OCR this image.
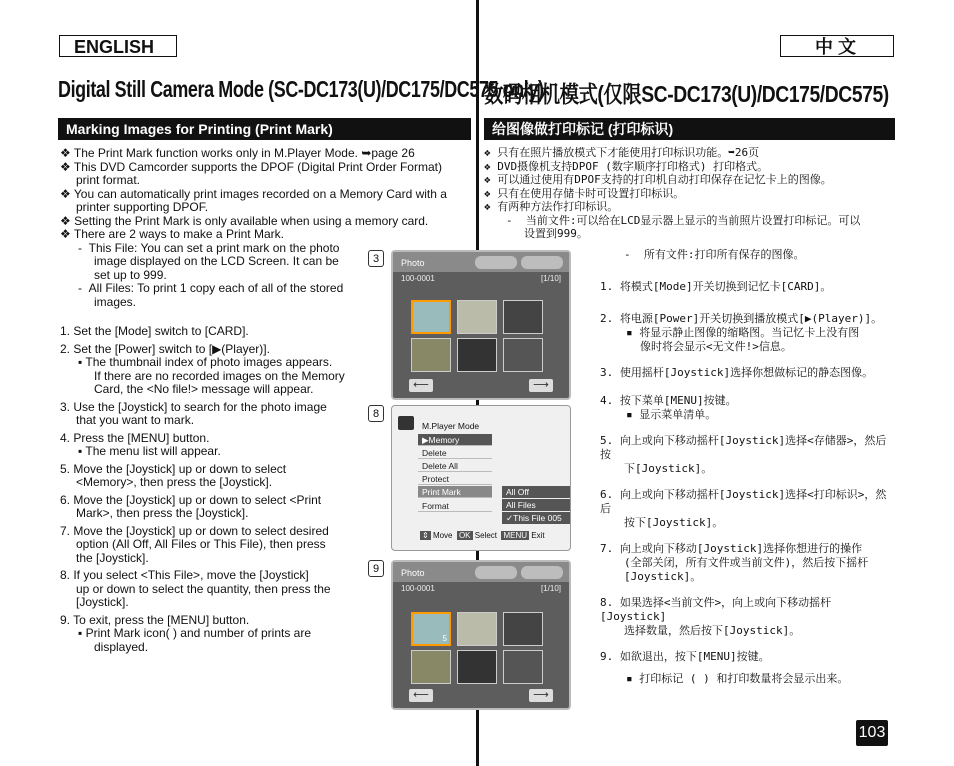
ENGLISH	中 文
Digital Still Camera Mode (SC-DC173(U)/DC175/DC575 only)
数码相机模式(仅限SC-DC173(U)/DC175/DC575)
Marking Images for Printing (Print Mark)	给图像做打印标记 (打印标识)
❖ The Print Mark function works only in M.Player Mode. ➥page 26
❖ This DVD Camcorder supports the DPOF (Digital Print Order Format)
print format.
❖ You can automatically print images recorded on a Memory Card with a
printer supporting DPOF.
❖ Setting the Print Mark is only available when using a memory card.
❖ There are 2 ways to make a Print Mark.
-  This File: You can set a print mark on the photo
image displayed on the LCD Screen. It can be
set up to 999.
-  All Files: To print 1 copy each of all of the stored
images.
1. Set the [Mode] switch to [CARD].
2. Set the [Power] switch to [▶(Player)].
▪ The thumbnail index of photo images appears.
If there are no recorded images on the Memory
Card, the <No file!> message will appear.
3. Use the [Joystick] to search for the photo image
that you want to mark.
4. Press the [MENU] button.
▪ The menu list will appear.
5. Move the [Joystick] up or down to select
<Memory>, then press the [Joystick].
6. Move the [Joystick] up or down to select <Print
Mark>, then press the [Joystick].
7. Move the [Joystick] up or down to select desired
option (All Off, All Files or This File), then press
the [Joystick].
8. If you select <This File>, move the [Joystick]
up or down to select the quantity, then press the
[Joystick].
9. To exit, press the [MENU] button.
▪ Print Mark icon( ) and number of prints are
displayed.
3	Photo
100-0001	[1/10]
⟵	⟶
8
M.Player Mode
▶Memory
Delete
Delete All
Protect
Print Mark
Format
All Off
All Files
✓This File 005
⇕ Move OK Select MENU Exit
9	Photo
100-0001	[1/10]
5
⟵	⟶
❖ 只有在照片播放模式下才能使用打印标识功能。➥26页
❖ DVD摄像机支持DPOF (数字顺序打印格式) 打印格式。
❖ 可以通过使用有DPOF支持的打印机自动打印保存在记忆卡上的图像。
❖ 只有在使用存储卡时可设置打印标识。
❖ 有两种方法作打印标识。
-  当前文件:可以给在LCD显示器上显示的当前照片设置打印标记。可以
设置到999。
-  所有文件:打印所有保存的图像。
1. 将模式[Mode]开关切换到记忆卡[CARD]。
2. 将电源[Power]开关切换到播放模式[▶(Player)]。
▪ 将显示静止图像的缩略图。当记忆卡上没有图
像时将会显示<无文件!>信息。
3. 使用摇杆[Joystick]选择你想做标记的静态图像。
4. 按下菜单[MENU]按键。
▪ 显示菜单清单。
5. 向上或向下移动摇杆[Joystick]选择<存储器>，然后按
下[Joystick]。
6. 向上或向下移动摇杆[Joystick]选择<打印标识>，然后
按下[Joystick]。
7. 向上或向下移动[Joystick]选择你想进行的操作
(全部关闭，所有文件或当前文件)，然后按下摇杆
[Joystick]。
8. 如果选择<当前文件>，向上或向下移动摇杆[Joystick]
选择数量，然后按下[Joystick]。
9. 如欲退出，按下[MENU]按键。
▪ 打印标记 ( ) 和打印数量将会显示出来。
103
